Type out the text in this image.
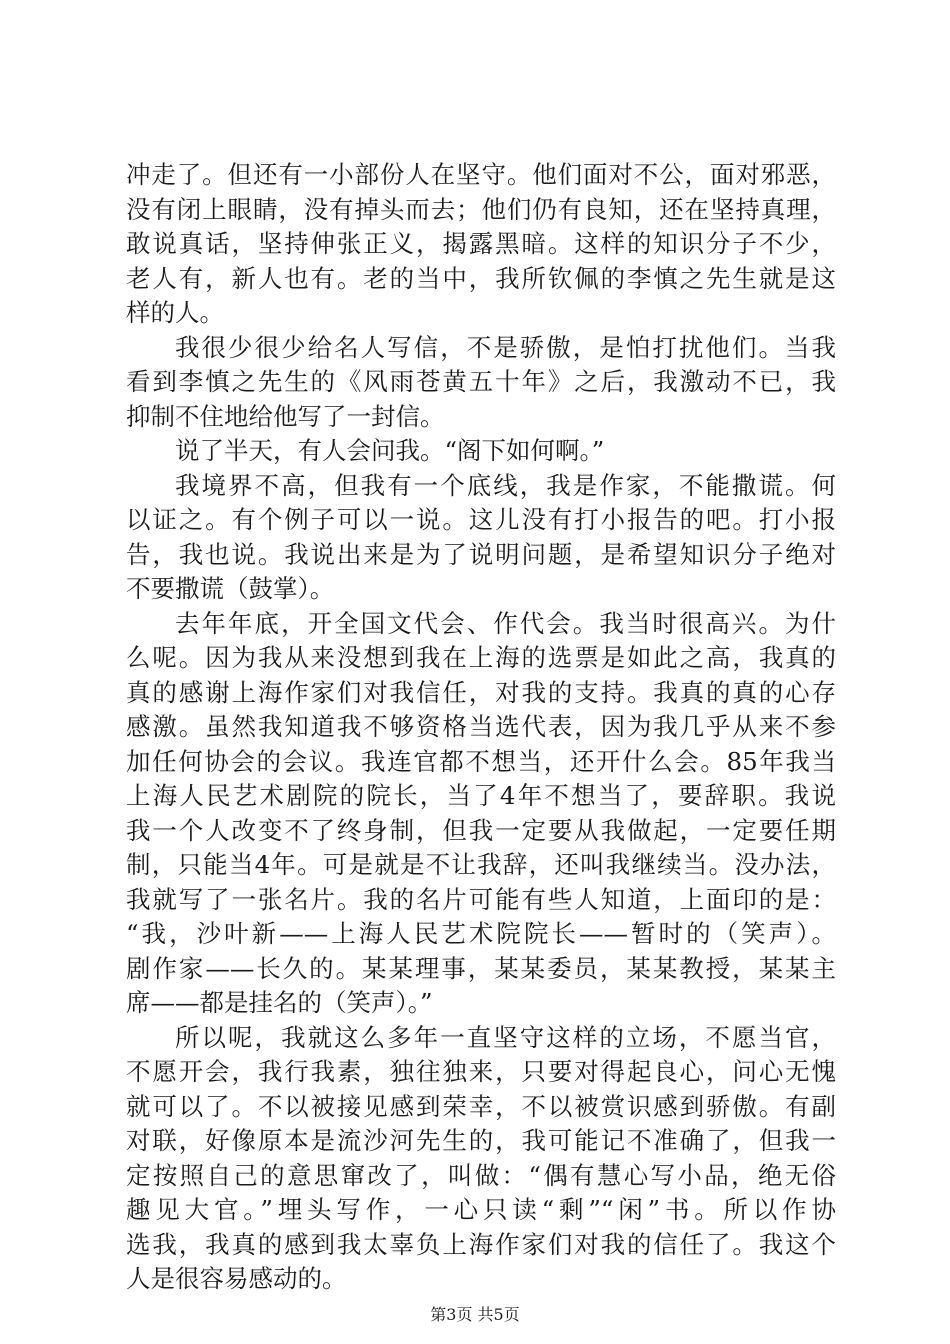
冲走了。但还有一小部份人在坚守。他们面对不公，面对邪恶，
没有闭上眼睛，没有掉头而去；他们仍有良知，还在坚持真理，
敢说真话，坚持伸张正义，揭露黑暗。这样的知识分子不少，
老人有，新人也有。老的当中，我所钦佩的李慎之先生就是这
样的人。
我很少很少给名人写信，不是骄傲，是怕打扰他们。当我
看到李慎之先生的《风雨苍黄五十年》之后，我激动不已，我
抑制不住地给他写了一封信。
说了半天，有人会问我。“阁下如何啊。”
我境界不高，但我有一个底线，我是作家，不能撒谎。何
以证之。有个例子可以一说。这儿没有打小报告的吧。打小报
告，我也说。我说出来是为了说明问题，是希望知识分子绝对
不要撒谎（鼓掌）。
去年年底，开全国文代会、作代会。我当时很高兴。为什
么呢。因为我从来没想到我在上海的选票是如此之高，我真的
真的感谢上海作家们对我信任，对我的支持。我真的真的心存
感激。虽然我知道我不够资格当选代表，因为我几乎从来不参
加任何协会的会议。我连官都不想当，还开什么会。85年我当
上海人民艺术剧院的院长，当了4年不想当了，要辞职。我说
我一个人改变不了终身制，但我一定要从我做起，一定要任期
制，只能当4年。可是就是不让我辞，还叫我继续当。没办法，
我就写了一张名片。我的名片可能有些人知道，上面印的是：
“我，沙叶新——上海人民艺术院院长——暂时的（笑声）。
剧作家——长久的。某某理事，某某委员，某某教授，某某主
席——都是挂名的（笑声）。”
所以呢，我就这么多年一直坚守这样的立场，不愿当官，
不愿开会，我行我素，独往独来，只要对得起良心，问心无愧
就可以了。不以被接见感到荣幸，不以被赏识感到骄傲。有副
对联，好像原本是流沙河先生的，我可能记不准确了，但我一
定按照自己的意思窜改了，叫做：“偶有慧心写小品，绝无俗
趣见大官。”埋头写作，一心只读“剩”“闲”书。所以作协
选我，我真的感到我太辜负上海作家们对我的信任了。我这个
人是很容易感动的。
第3页 共5页
